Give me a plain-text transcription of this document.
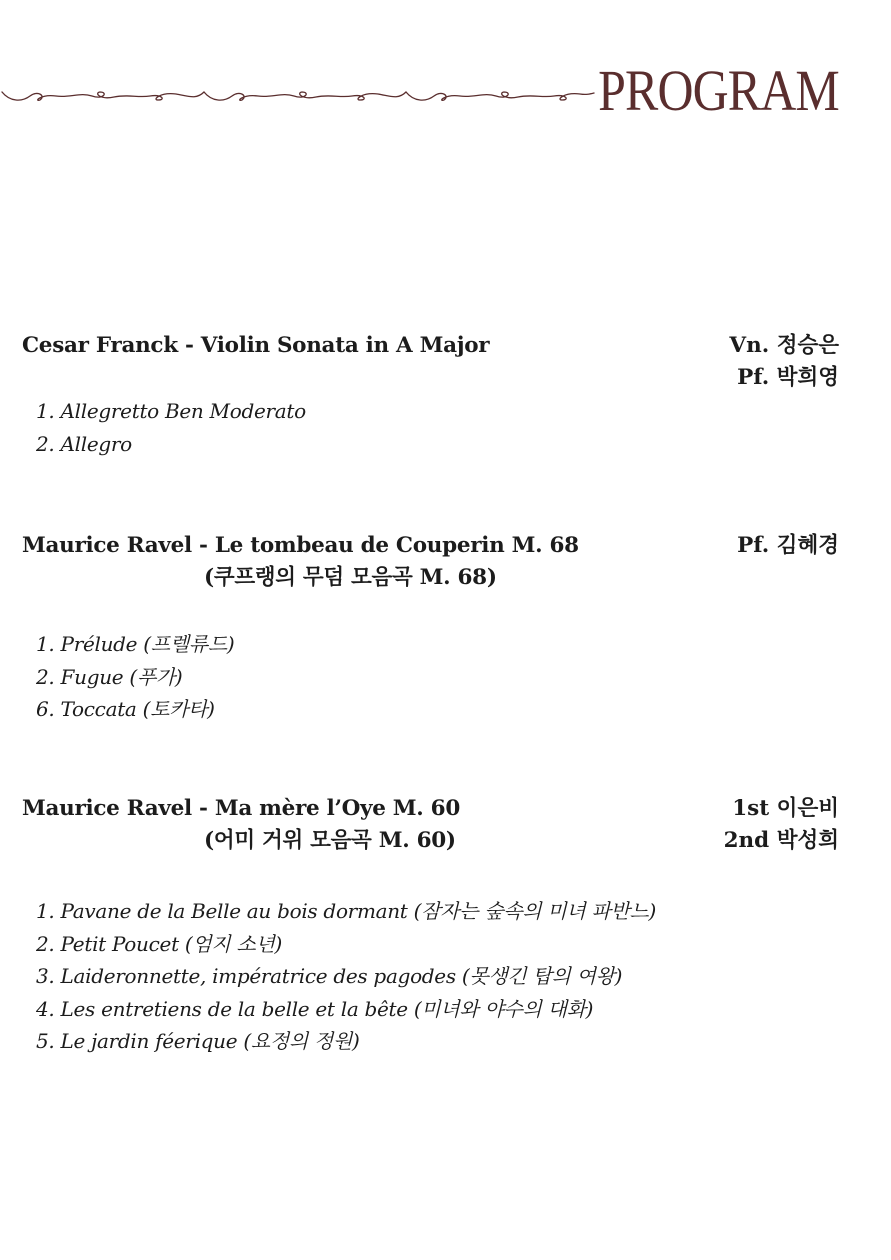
PROGRAM
Cesar Franck - Violin Sonata in A Major	Vn. 정승은
Pf. 박희영
1. Allegretto Ben Moderato
2. Allegro
Maurice Ravel - Le tombeau de Couperin M. 68
(쿠프랭의 무덤 모음곡 M. 68)
Pf. 김혜경
1. Prélude (프렐류드)
2. Fugue (푸가)
6. Toccata (토카타)
Maurice Ravel - Ma mère l’Oye M. 60
(어미 거위 모음곡 M. 60)
1st 이은비
2nd 박성희
1. Pavane de la Belle au bois dormant (잠자는 숲속의 미녀 파반느)
2. Petit Poucet (엄지 소년)
3. Laideronnette, impératrice des pagodes (못생긴 탑의 여왕)
4. Les entretiens de la belle et la bête (미녀와 야수의 대화)
5. Le jardin féerique (요정의 정원)
